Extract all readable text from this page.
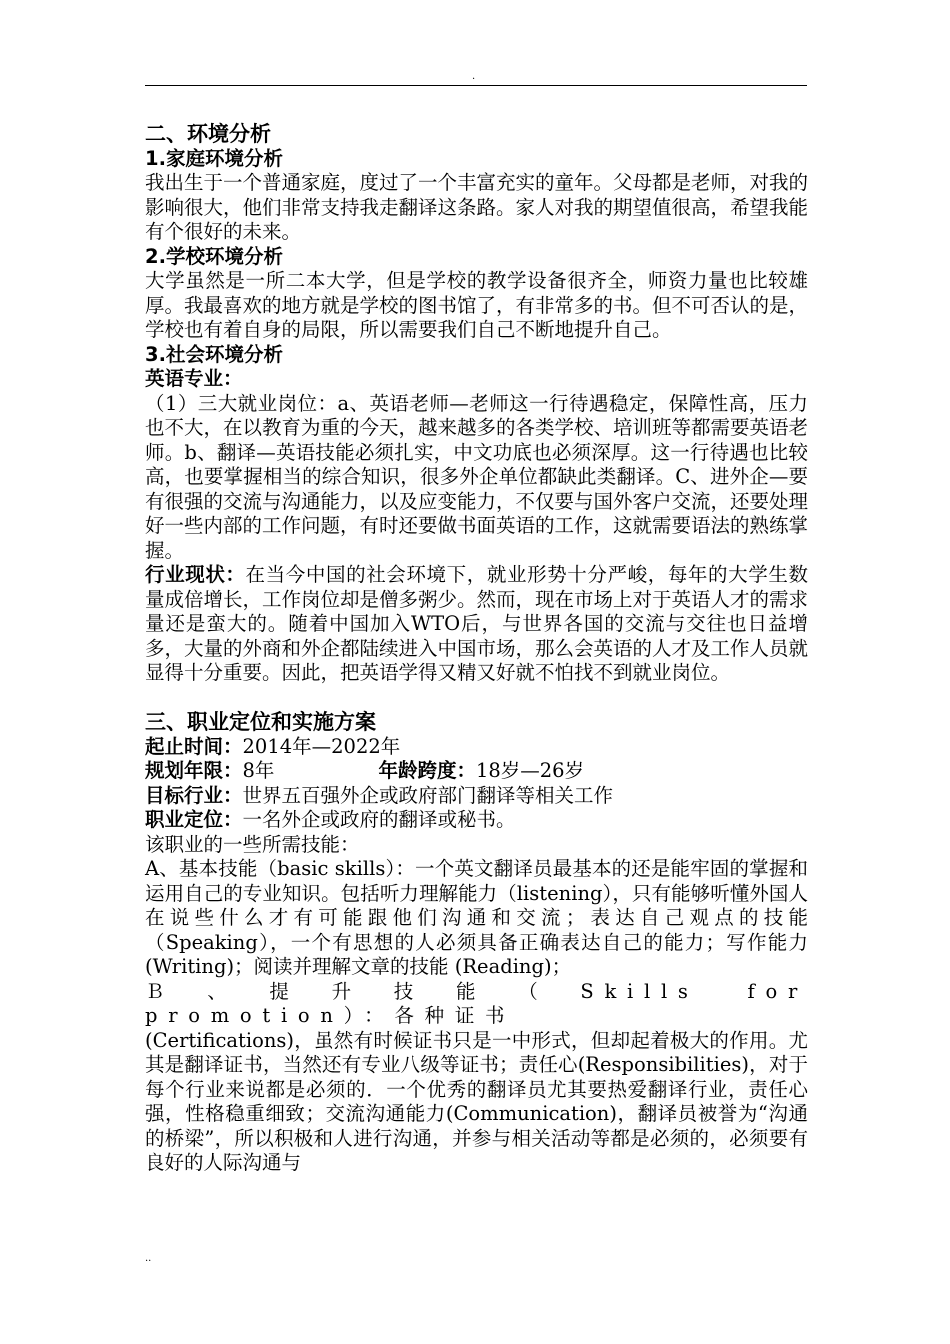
.

二、环境分析

1.家庭环境分析

我出生于一个普通家庭，度过了一个丰富充实的童年。父母都是老师，对我的影响很大，他们非常支持我走翻译这条路。家人对我的期望值很高，希望我能有个很好的未来。

2.学校环境分析

大学虽然是一所二本大学，但是学校的教学设备很齐全，师资力量也比较雄厚。我最喜欢的地方就是学校的图书馆了，有非常多的书。但不可否认的是，学校也有着自身的局限，所以需要我们自己不断地提升自己。

3.社会环境分析

英语专业：

（1）三大就业岗位：a、英语老师—老师这一行待遇稳定，保障性高，压力也不大，在以教育为重的今天，越来越多的各类学校、培训班等都需要英语老师。b、翻译—英语技能必须扎实，中文功底也必须深厚。这一行待遇也比较高，也要掌握相当的综合知识，很多外企单位都缺此类翻译。C、进外企—要有很强的交流与沟通能力，以及应变能力，不仅要与国外客户交流，还要处理好一些内部的工作问题，有时还要做书面英语的工作，这就需要语法的熟练掌握。

行业现状：在当今中国的社会环境下，就业形势十分严峻，每年的大学生数量成倍增长，工作岗位却是僧多粥少。然而，现在市场上对于英语人才的需求量还是蛮大的。随着中国加入WTO后，与世界各国的交流与交往也日益增多，大量的外商和外企都陆续进入中国市场，那么会英语的人才及工作人员就显得十分重要。因此，把英语学得又精又好就不怕找不到就业岗位。

三、职业定位和实施方案

起止时间：2014年—2022年

规划年限：8年	年龄跨度：18岁—26岁

目标行业：世界五百强外企或政府部门翻译等相关工作

职业定位：一名外企或政府的翻译或秘书。

该职业的一些所需技能：

A、基本技能（basic skills）：一个英文翻译员最基本的还是能牢固的掌握和运用自己的专业知识。包括听力理解能力（listening），只有能够听懂外国人在说些什么才有可能跟他们沟通和交流；表达自己观点的技能（Speaking），一个有思想的人必须具备正确表达自己的能力；写作能力 (Writing)；阅读并理解文章的技能 (Reading)；

Ｂ、提升技能（Skills for promotion）：各种证书

(Certifications)，虽然有时候证书只是一中形式，但却起着极大的作用。尤其是翻译证书，当然还有专业八级等证书；责任心(Responsibilities)，对于每个行业来说都是必须的．一个优秀的翻译员尤其要热爱翻译行业，责任心强，性格稳重细致；交流沟通能力(Communication)，翻译员被誉为“沟通的桥梁”，所以积极和人进行沟通，并参与相关活动等都是必须的，必须要有良好的人际沟通与

..
